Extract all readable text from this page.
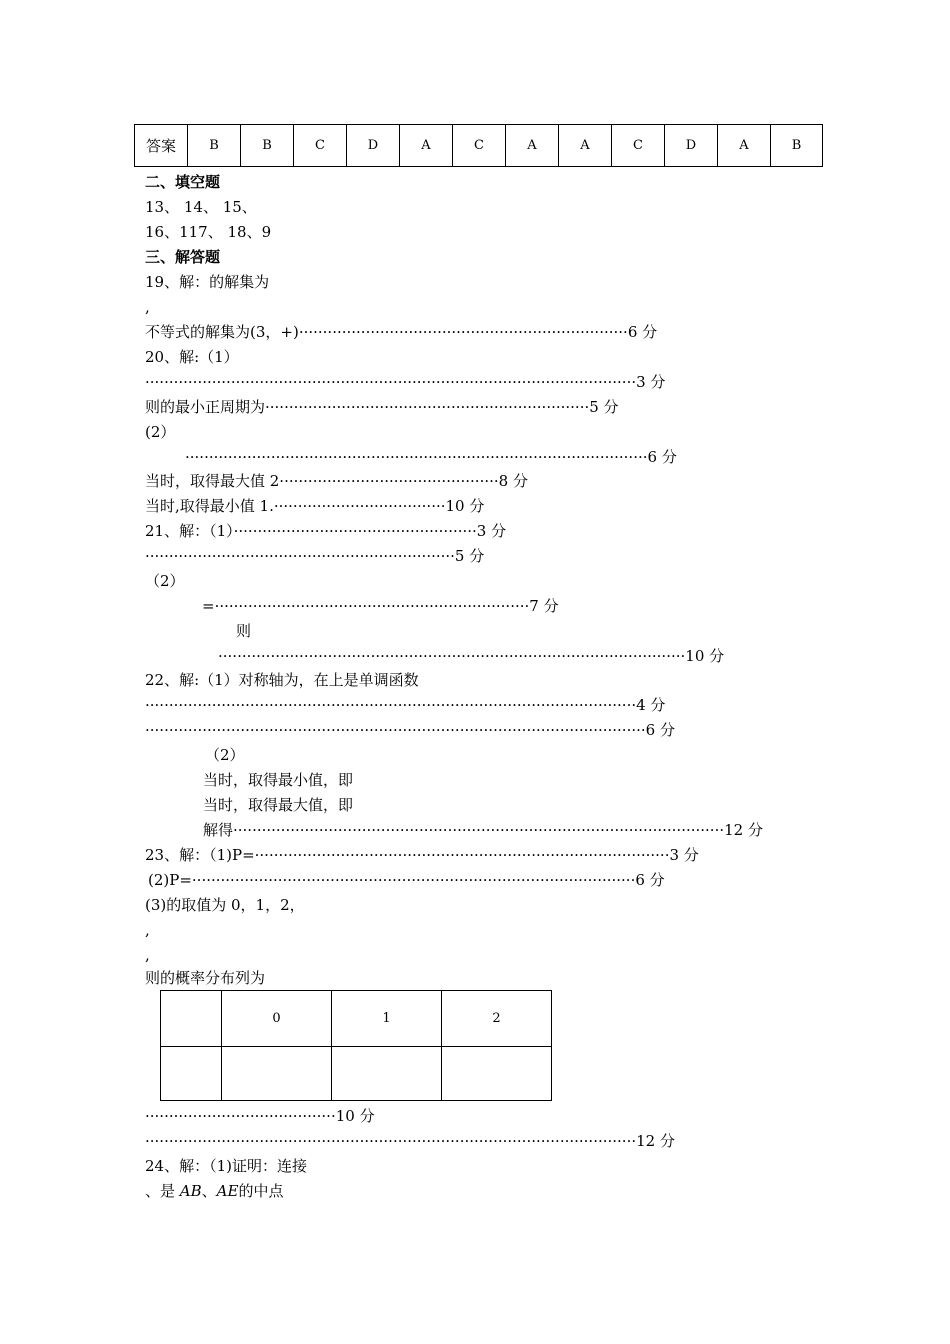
答案	B	B	C	D	A	C	A	A	C	D	A	B
二、填空题
13、 14、 15、
16、117、 18、9
三、解答题
19、解：的解集为
,
不等式的解集为(3，+)·····································································6 分
20、解:（1）
·······································································································3 分
则的最小正周期为····································································5 分
(2）
·································································································6 分
当时，取得最大值 2··············································8 分
当时,取得最小值 1.····································10 分
21、解：（1）···················································3 分
·································································5 分
（2）
=··································································7 分
则
··································································································10 分
22、解:（1）对称轴为，在上是单调函数
·······································································································4 分
·········································································································6 分
（2）
当时，取得最小值，即
当时，取得最大值，即
解得·······································································································12 分
23、解：（1)P=·······················································································3 分
(2)P=·····························································································6 分
(3)的取值为 0，1，2，
,
,
则的概率分布列为
	0	1	2

········································10 分
·······································································································12 分
24、解：（1)证明：连接
、是 AB、AE的中点
